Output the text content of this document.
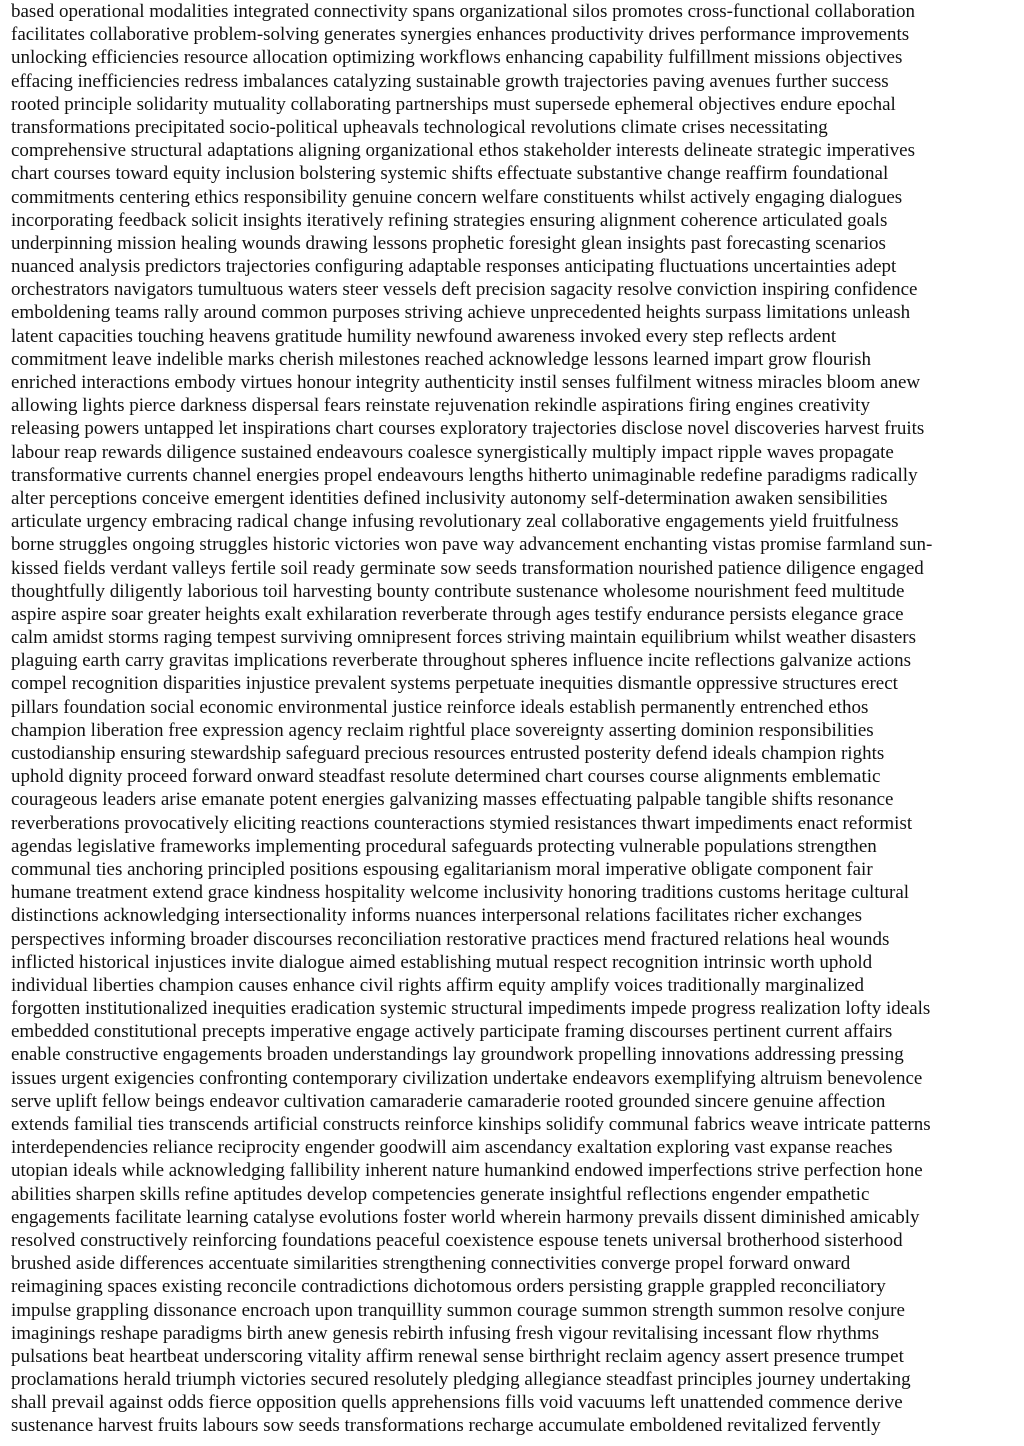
based operational modalities integrated connectivity spans organizational silos promotes cross-functional collaboration
facilitates collaborative problem-solving generates synergies enhances productivity drives performance improvements
unlocking efficiencies resource allocation optimizing workflows enhancing capability fulfillment missions objectives
effacing inefficiencies redress imbalances catalyzing sustainable growth trajectories paving avenues further success
rooted principle solidarity mutuality collaborating partnerships must supersede ephemeral objectives endure epochal
transformations precipitated socio-political upheavals technological revolutions climate crises necessitating
comprehensive structural adaptations aligning organizational ethos stakeholder interests delineate strategic imperatives
chart courses toward equity inclusion bolstering systemic shifts effectuate substantive change reaffirm foundational
commitments centering ethics responsibility genuine concern welfare constituents whilst actively engaging dialogues
incorporating feedback solicit insights iteratively refining strategies ensuring alignment coherence articulated goals
underpinning mission healing wounds drawing lessons prophetic foresight glean insights past forecasting scenarios
nuanced analysis predictors trajectories configuring adaptable responses anticipating fluctuations uncertainties adept
orchestrators navigators tumultuous waters steer vessels deft precision sagacity resolve conviction inspiring confidence
emboldening teams rally around common purposes striving achieve unprecedented heights surpass limitations unleash
latent capacities touching heavens gratitude humility newfound awareness invoked every step reflects ardent
commitment leave indelible marks cherish milestones reached acknowledge lessons learned impart grow flourish
enriched interactions embody virtues honour integrity authenticity instil senses fulfilment witness miracles bloom anew
allowing lights pierce darkness dispersal fears reinstate rejuvenation rekindle aspirations firing engines creativity
releasing powers untapped let inspirations chart courses exploratory trajectories disclose novel discoveries harvest fruits
labour reap rewards diligence sustained endeavours coalesce synergistically multiply impact ripple waves propagate
transformative currents channel energies propel endeavours lengths hitherto unimaginable redefine paradigms radically
alter perceptions conceive emergent identities defined inclusivity autonomy self-determination awaken sensibilities
articulate urgency embracing radical change infusing revolutionary zeal collaborative engagements yield fruitfulness
borne struggles ongoing struggles historic victories won pave way advancement enchanting vistas promise farmland sun-
kissed fields verdant valleys fertile soil ready germinate sow seeds transformation nourished patience diligence engaged
thoughtfully diligently laborious toil harvesting bounty contribute sustenance wholesome nourishment feed multitude
aspire aspire soar greater heights exalt exhilaration reverberate through ages testify endurance persists elegance grace
calm amidst storms raging tempest surviving omnipresent forces striving maintain equilibrium whilst weather disasters
plaguing earth carry gravitas implications reverberate throughout spheres influence incite reflections galvanize actions
compel recognition disparities injustice prevalent systems perpetuate inequities dismantle oppressive structures erect
pillars foundation social economic environmental justice reinforce ideals establish permanently entrenched ethos
champion liberation free expression agency reclaim rightful place sovereignty asserting dominion responsibilities
custodianship ensuring stewardship safeguard precious resources entrusted posterity defend ideals champion rights
uphold dignity proceed forward onward steadfast resolute determined chart courses course alignments emblematic
courageous leaders arise emanate potent energies galvanizing masses effectuating palpable tangible shifts resonance
reverberations provocatively eliciting reactions counteractions stymied resistances thwart impediments enact reformist
agendas legislative frameworks implementing procedural safeguards protecting vulnerable populations strengthen
communal ties anchoring principled positions espousing egalitarianism moral imperative obligate component fair
humane treatment extend grace kindness hospitality welcome inclusivity honoring traditions customs heritage cultural
distinctions acknowledging intersectionality informs nuances interpersonal relations facilitates richer exchanges
perspectives informing broader discourses reconciliation restorative practices mend fractured relations heal wounds
inflicted historical injustices invite dialogue aimed establishing mutual respect recognition intrinsic worth uphold
individual liberties champion causes enhance civil rights affirm equity amplify voices traditionally marginalized
forgotten institutionalized inequities eradication systemic structural impediments impede progress realization lofty ideals
embedded constitutional precepts imperative engage actively participate framing discourses pertinent current affairs
enable constructive engagements broaden understandings lay groundwork propelling innovations addressing pressing
issues urgent exigencies confronting contemporary civilization undertake endeavors exemplifying altruism benevolence
serve uplift fellow beings endeavor cultivation camaraderie camaraderie rooted grounded sincere genuine affection
extends familial ties transcends artificial constructs reinforce kinships solidify communal fabrics weave intricate patterns
interdependencies reliance reciprocity engender goodwill aim ascendancy exaltation exploring vast expanse reaches
utopian ideals while acknowledging fallibility inherent nature humankind endowed imperfections strive perfection hone
abilities sharpen skills refine aptitudes develop competencies generate insightful reflections engender empathetic
engagements facilitate learning catalyse evolutions foster world wherein harmony prevails dissent diminished amicably
resolved constructively reinforcing foundations peaceful coexistence espouse tenets universal brotherhood sisterhood
brushed aside differences accentuate similarities strengthening connectivities converge propel forward onward
reimagining spaces existing reconcile contradictions dichotomous orders persisting grapple grappled reconciliatory
impulse grappling dissonance encroach upon tranquillity summon courage summon strength summon resolve conjure
imaginings reshape paradigms birth anew genesis rebirth infusing fresh vigour revitalising incessant flow rhythms
pulsations beat heartbeat underscoring vitality affirm renewal sense birthright reclaim agency assert presence trumpet
proclamations herald triumph victories secured resolutely pledging allegiance steadfast principles journey undertaking
shall prevail against odds fierce opposition quells apprehensions fills void vacuums left unattended commence derive
sustenance harvest fruits labours sow seeds transformations recharge accumulate emboldened revitalized fervently
